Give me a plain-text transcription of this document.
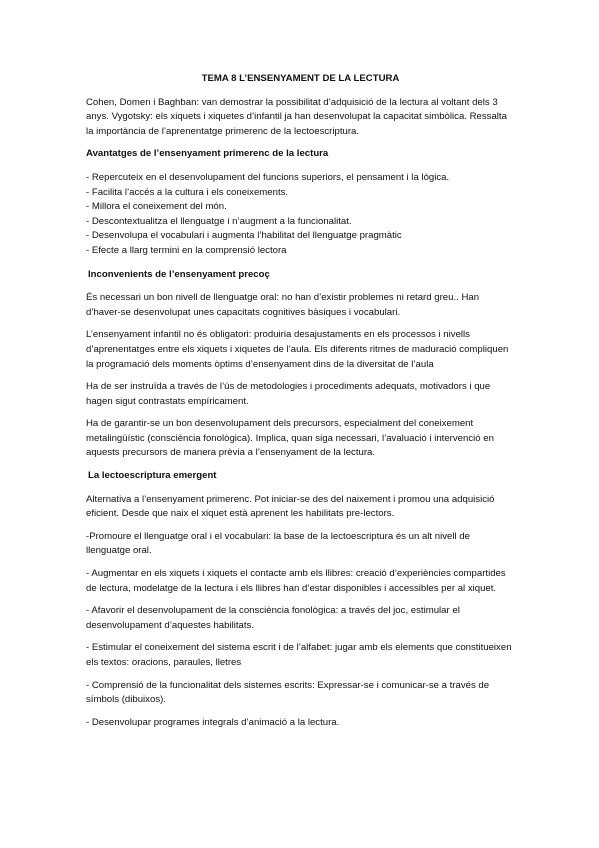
TEMA 8 L’ENSENYAMENT DE LA LECTURA

Cohen, Domen i Baghban: van demostrar la possibilitat d’adquisició de la lectura al voltant dels 3 anys. Vygotsky: els xiquets i xiquetes d’infantil ja han desenvolupat la capacitat simbòlica. Ressalta la importància de l’aprenentatge primerenc de la lectoescriptura.

Avantatges de l’ensenyament primerenc de la lectura
- Repercuteix en el desenvolupament del funcions superiors, el pensament i la lògica.
- Facilita l’accés a la cultura i els coneixements.
- Millora el coneixement del món.
- Descontextualitza el llenguatge i n’augment a la funcionalitat.
- Desenvolupa el vocabulari i augmenta l’habilitat del llenguatge pragmàtic
- Efecte a llarg termini en la comprensió lectora
Inconvenients de l’ensenyament precoç

És necessari un bon nivell de llenguatge oral: no han d’existir problemes ni retard greu.. Han d’haver-se desenvolupat unes capacitats cognitives bàsiques i vocabulari.

L’ensenyament infantil no és obligatori: produiria desajustaments en els processos i nivells d’aprenentatges entre els xiquets i xiquetes de l’aula. Els diferents ritmes de maduració compliquen la programació dels moments òptims d’ensenyament dins de la diversitat de l’aula

Ha de ser instruïda a través de l’ús de metodologies i procediments adequats, motivadors i que hagen sigut contrastats empíricament.

Ha de garantir-se un bon desenvolupament dels precursors, especialment del coneixement metalingüístic (consciència fonològica). Implica, quan siga necessari, l’avaluació i intervenció en aquests precursors de manera prèvia a l’ensenyament de la lectura.

La lectoescriptura emergent

Alternativa a l’ensenyament primerenc. Pot iniciar-se des del naixement i promou una adquisició eficient. Desde que naix el xiquet està aprenent les habilitats pre-lectors.

-Promoure el llenguatge oral i el vocabulari: la base de la lectoescriptura és un alt nivell de llenguatge oral.

- Augmentar en els xiquets i xiquets el contacte amb els llibres: creació d’experiències compartides de lectura, modelatge de la lectura i els llibres han d’estar disponibles i accessibles per al xiquet.

- Afavorir el desenvolupament de la consciència fonològica: a través del joc, estimular el desenvolupament d’aquestes habilitats.

- Estimular el coneixement del sistema escrit i de l’alfabet: jugar amb els elements que constitueixen els textos: oracions, paraules, lletres

- Comprensió de la funcionalitat dels sistemes escrits: Expressar-se i comunicar-se a través de símbols (dibuixos).

- Desenvolupar programes integrals d’animació a la lectura.
